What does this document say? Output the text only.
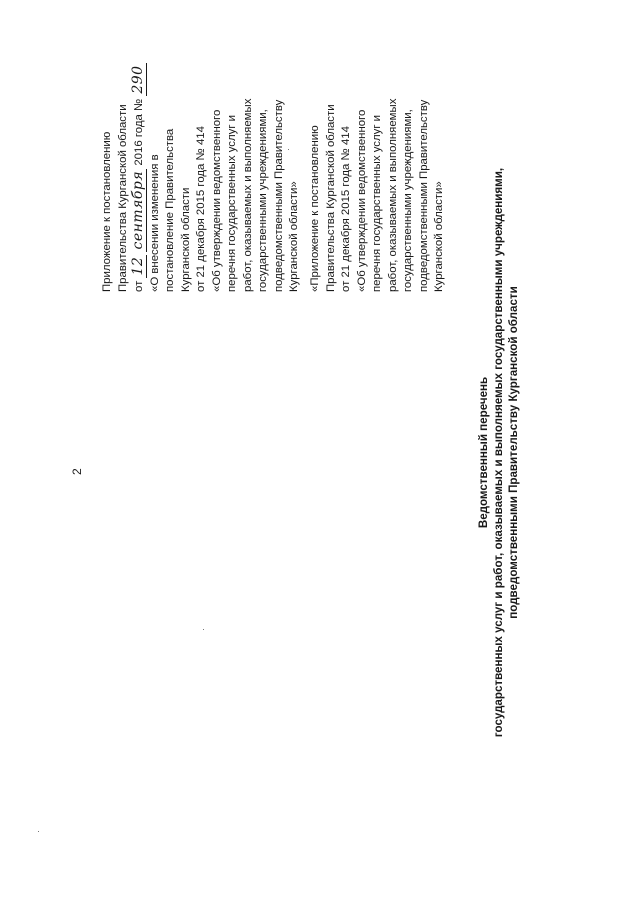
2

Приложение к постановлению Правительства Курганской области от 12 сентября 2016 года № 290
«О внесении изменения в постановление Правительства Курганской области от 21 декабря 2015 года № 414 «Об утверждении ведомственного перечня государственных услуг и работ, оказываемых и выполняемых государственными учреждениями, подведомственными Правительству Курганской области» «Приложение к постановлению Правительства Курганской области от 21 декабря 2015 года № 414 «Об утверждении ведомственного перечня государственных услуг и работ, оказываемых и выполняемых государственными учреждениями, подведомственными Правительству Курганской области»
Ведомственный перечень государственных услуг и работ, оказываемых и выполняемых государственными учреждениями, подведомственными Правительству Курганской области
